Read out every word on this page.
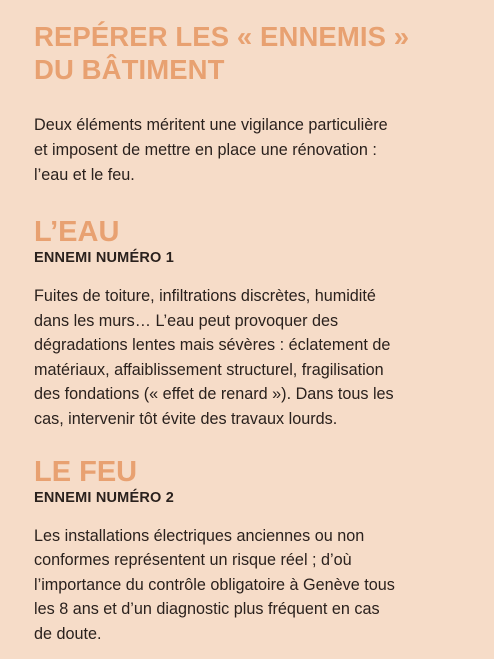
REPÉRER LES « ENNEMIS »
DU BÂTIMENT

Deux éléments méritent une vigilance particulière
et imposent de mettre en place une rénovation :
l’eau et le feu.

L’EAU
ENNEMI NUMÉRO 1

Fuites de toiture, infiltrations discrètes, humidité
dans les murs… L’eau peut provoquer des
dégradations lentes mais sévères : éclatement de
matériaux, affaiblissement structurel, fragilisation
des fondations (« effet de renard »). Dans tous les
cas, intervenir tôt évite des travaux lourds.

LE FEU
ENNEMI NUMÉRO 2

Les installations électriques anciennes ou non
conformes représentent un risque réel ; d’où
l’importance du contrôle obligatoire à Genève tous
les 8 ans et d’un diagnostic plus fréquent en cas
de doute.
